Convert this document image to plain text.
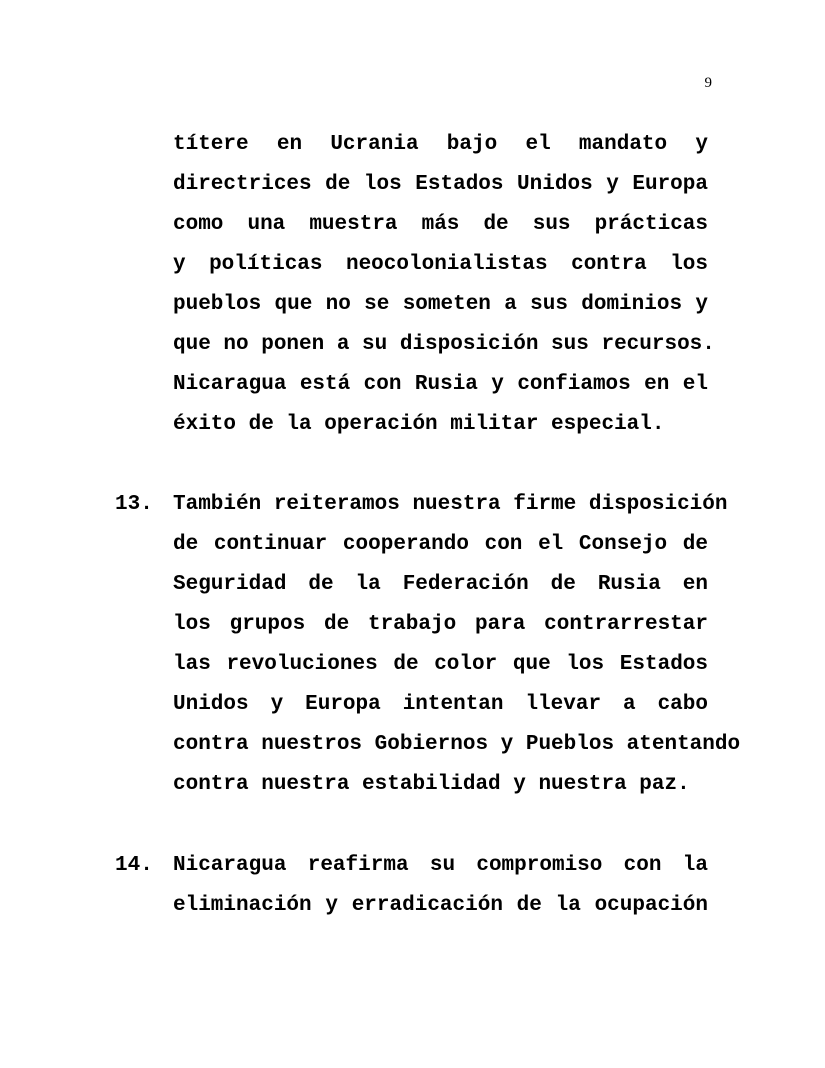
9
títere en Ucrania bajo el mandato y
directrices de los Estados Unidos y Europa
como una muestra más de sus prácticas
y políticas neocolonialistas contra los
pueblos que no se someten a sus dominios y
que no ponen a su disposición sus recursos.
Nicaragua está con Rusia y confiamos en el
éxito de la operación militar especial.
13. También reiteramos nuestra firme disposición
de continuar cooperando con el Consejo de
Seguridad de la Federación de Rusia en
los grupos de trabajo para contrarrestar
las revoluciones de color que los Estados
Unidos y Europa intentan llevar a cabo
contra nuestros Gobiernos y Pueblos atentando
contra nuestra estabilidad y nuestra paz.
14. Nicaragua reafirma su compromiso con la
eliminación y erradicación de la ocupación
